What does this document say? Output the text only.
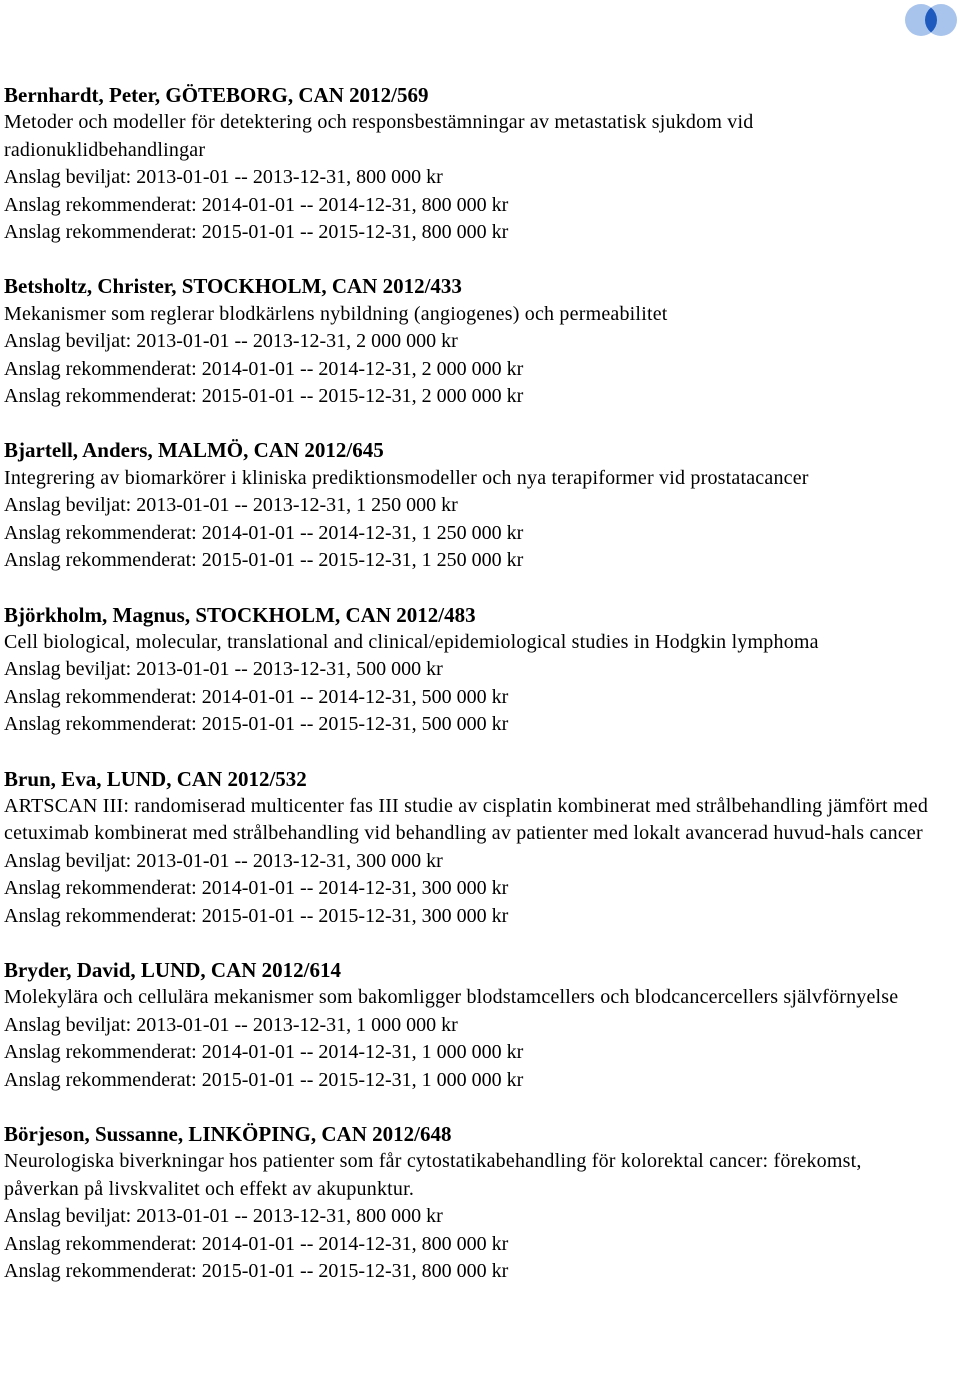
Bernhardt, Peter, GÖTEBORG, CAN 2012/569

Metoder och modeller för detektering och responsbestämningar av metastatisk sjukdom vid radionuklidbehandlingar

Anslag beviljat: 2013-01-01 -- 2013-12-31, 800 000 kr

Anslag rekommenderat: 2014-01-01 -- 2014-12-31, 800 000 kr

Anslag rekommenderat: 2015-01-01 -- 2015-12-31, 800 000 kr

Betsholtz, Christer, STOCKHOLM, CAN 2012/433

Mekanismer som reglerar blodkärlens nybildning (angiogenes) och permeabilitet

Anslag beviljat: 2013-01-01 -- 2013-12-31, 2 000 000 kr

Anslag rekommenderat: 2014-01-01 -- 2014-12-31, 2 000 000 kr

Anslag rekommenderat: 2015-01-01 -- 2015-12-31, 2 000 000 kr

Bjartell, Anders, MALMÖ, CAN 2012/645

Integrering av biomarkörer i kliniska prediktionsmodeller och nya terapiformer vid prostatacancer

Anslag beviljat: 2013-01-01 -- 2013-12-31, 1 250 000 kr

Anslag rekommenderat: 2014-01-01 -- 2014-12-31, 1 250 000 kr

Anslag rekommenderat: 2015-01-01 -- 2015-12-31, 1 250 000 kr

Björkholm, Magnus, STOCKHOLM, CAN 2012/483

Cell biological, molecular, translational and clinical/epidemiological studies in Hodgkin lymphoma

Anslag beviljat: 2013-01-01 -- 2013-12-31, 500 000 kr

Anslag rekommenderat: 2014-01-01 -- 2014-12-31, 500 000 kr

Anslag rekommenderat: 2015-01-01 -- 2015-12-31, 500 000 kr

Brun, Eva, LUND, CAN 2012/532

ARTSCAN III: randomiserad multicenter fas III studie av cisplatin kombinerat med strålbehandling jämfört med cetuximab kombinerat med strålbehandling vid behandling av patienter med lokalt avancerad huvud-hals cancer

Anslag beviljat: 2013-01-01 -- 2013-12-31, 300 000 kr

Anslag rekommenderat: 2014-01-01 -- 2014-12-31, 300 000 kr

Anslag rekommenderat: 2015-01-01 -- 2015-12-31, 300 000 kr

Bryder, David, LUND, CAN 2012/614

Molekylära och cellulära mekanismer som bakomligger blodstamcellers och blodcancercellers självförnyelse

Anslag beviljat: 2013-01-01 -- 2013-12-31, 1 000 000 kr

Anslag rekommenderat: 2014-01-01 -- 2014-12-31, 1 000 000 kr

Anslag rekommenderat: 2015-01-01 -- 2015-12-31, 1 000 000 kr

Börjeson, Sussanne, LINKÖPING, CAN 2012/648

Neurologiska biverkningar hos patienter som får cytostatikabehandling för kolorektal cancer: förekomst, påverkan på livskvalitet och effekt av akupunktur.

Anslag beviljat: 2013-01-01 -- 2013-12-31, 800 000 kr

Anslag rekommenderat: 2014-01-01 -- 2014-12-31, 800 000 kr

Anslag rekommenderat: 2015-01-01 -- 2015-12-31, 800 000 kr
